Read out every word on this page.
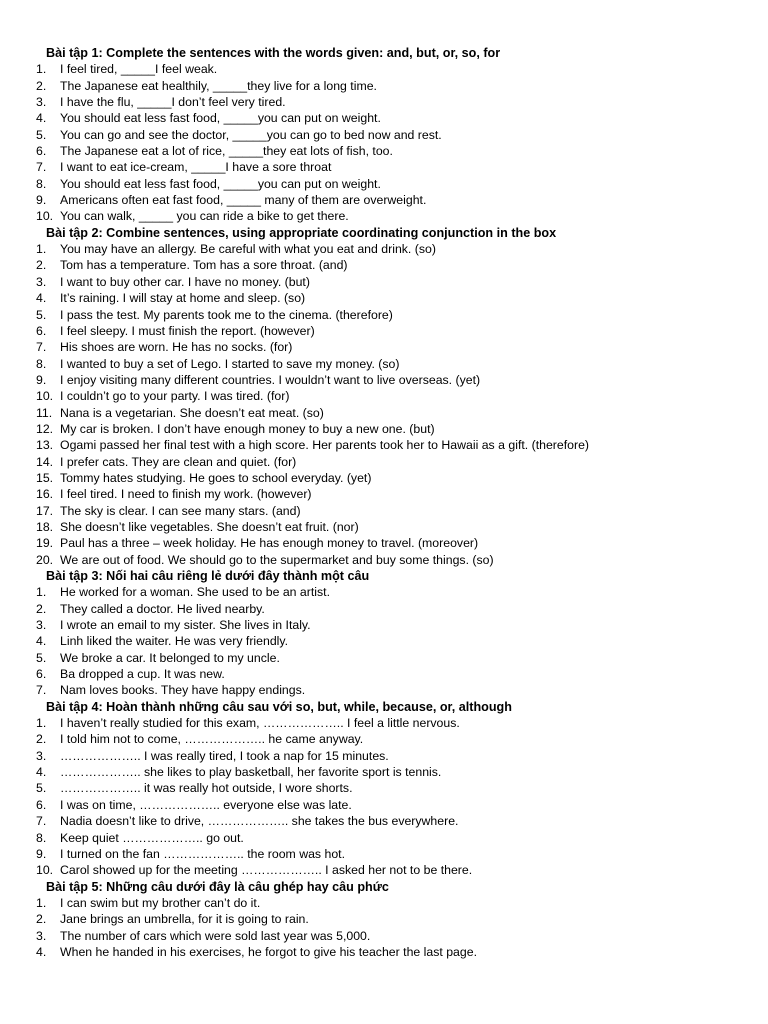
Bài tập 1: Complete the sentences with the words given: and, but, or, so, for
1.	I feel tired, _____I feel weak.
2.	The Japanese eat healthily, _____they live for a long time.
3.	I have the flu, _____I don’t feel very tired.
4.	You should eat less fast food, _____you can put on weight.
5.	You can go and see the doctor, _____you can go to bed now and rest.
6.	The Japanese eat a lot of rice, _____they eat lots of fish, too.
7.	I want to eat ice-cream, _____I have a sore throat
8.	You should eat less fast food, _____you can put on weight.
9.	Americans often eat fast food, _____ many of them are overweight.
10. You can walk, _____ you can ride a bike to get there.
Bài tập 2: Combine sentences, using appropriate coordinating conjunction in the box
1.	You may have an allergy. Be careful with what you eat and drink. (so)
2.	Tom has a temperature. Tom has a sore throat. (and)
3.	I want to buy other car. I have no money. (but)
4.	It’s raining. I will stay at home and sleep. (so)
5.	I pass the test. My parents took me to the cinema. (therefore)
6.	I feel sleepy. I must finish the report. (however)
7.	His shoes are worn. He has no socks. (for)
8.	I wanted to buy a set of Lego. I started to save my money. (so)
9.	I enjoy visiting many different countries. I wouldn’t want to live overseas. (yet)
10. I couldn’t go to your party. I was tired. (for)
11. Nana is a vegetarian. She doesn’t eat meat. (so)
12. My car is broken. I don’t have enough money to buy a new one. (but)
13. Ogami passed her final test with a high score. Her parents took her to Hawaii as a gift. (therefore)
14. I prefer cats. They are clean and quiet. (for)
15. Tommy hates studying. He goes to school everyday. (yet)
16. I feel tired. I need to finish my work. (however)
17. The sky is clear. I can see many stars. (and)
18. She doesn’t like vegetables. She doesn’t eat fruit. (nor)
19. Paul has a three – week holiday. He has enough money to travel. (moreover)
20. We are out of food. We should go to the supermarket and buy some things. (so)
Bài tập 3: Nối hai câu riêng lẻ dưới đây thành một câu
1.	He worked for a woman. She used to be an artist.
2.	They called a doctor. He lived nearby.
3.	I wrote an email to my sister. She lives in Italy.
4.	Linh liked the waiter. He was very friendly.
5.	We broke a car. It belonged to my uncle.
6.	Ba dropped a cup. It was new.
7.	Nam loves books. They have happy endings.
Bài tập 4: Hoàn thành những câu sau với so, but, while, because, or, although
1.	I haven’t really studied for this exam, ……………….. I feel a little nervous.
2.	I told him not to come, ……………….. he came anyway.
3.	……………….. I was really tired, I took a nap for 15 minutes.
4.	……………….. she likes to play basketball, her favorite sport is tennis.
5.	……………….. it was really hot outside, I wore shorts.
6.	I was on time, ……………….. everyone else was late.
7.	Nadia doesn’t like to drive, ……………….. she takes the bus everywhere.
8.	Keep quiet ……………….. go out.
9.	I turned on the fan ……………….. the room was hot.
10. Carol showed up for the meeting ……………….. I asked her not to be there.
Bài tập 5: Những câu dưới đây là câu ghép hay câu phức
1.	I can swim but my brother can’t do it.
2.	Jane brings an umbrella, for it is going to rain.
3.	The number of cars which were sold last year was 5,000.
4.	When he handed in his exercises, he forgot to give his teacher the last page.
